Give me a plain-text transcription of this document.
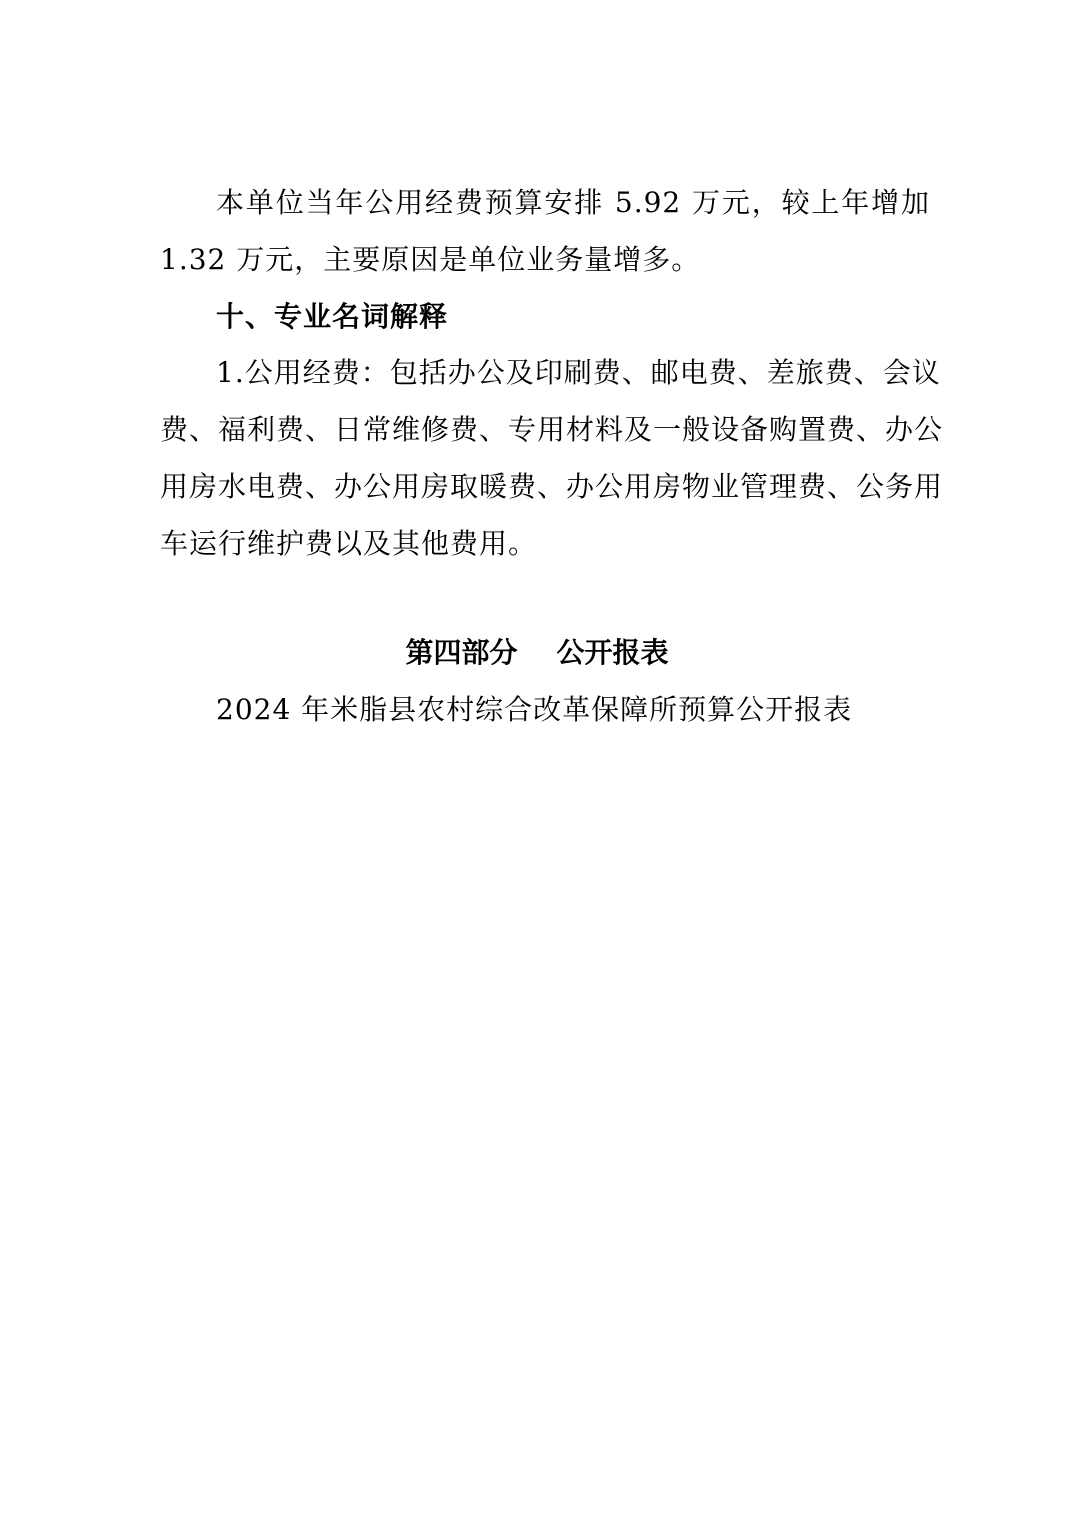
本单位当年公用经费预算安排 5.92 万元，较上年增加
1.32 万元，主要原因是单位业务量增多。
十、专业名词解释
1.公用经费：包括办公及印刷费、邮电费、差旅费、会议
费、福利费、日常维修费、专用材料及一般设备购置费、办公
用房水电费、办公用房取暖费、办公用房物业管理费、公务用
车运行维护费以及其他费用。
第四部分    公开报表
2024 年米脂县农村综合改革保障所预算公开报表
